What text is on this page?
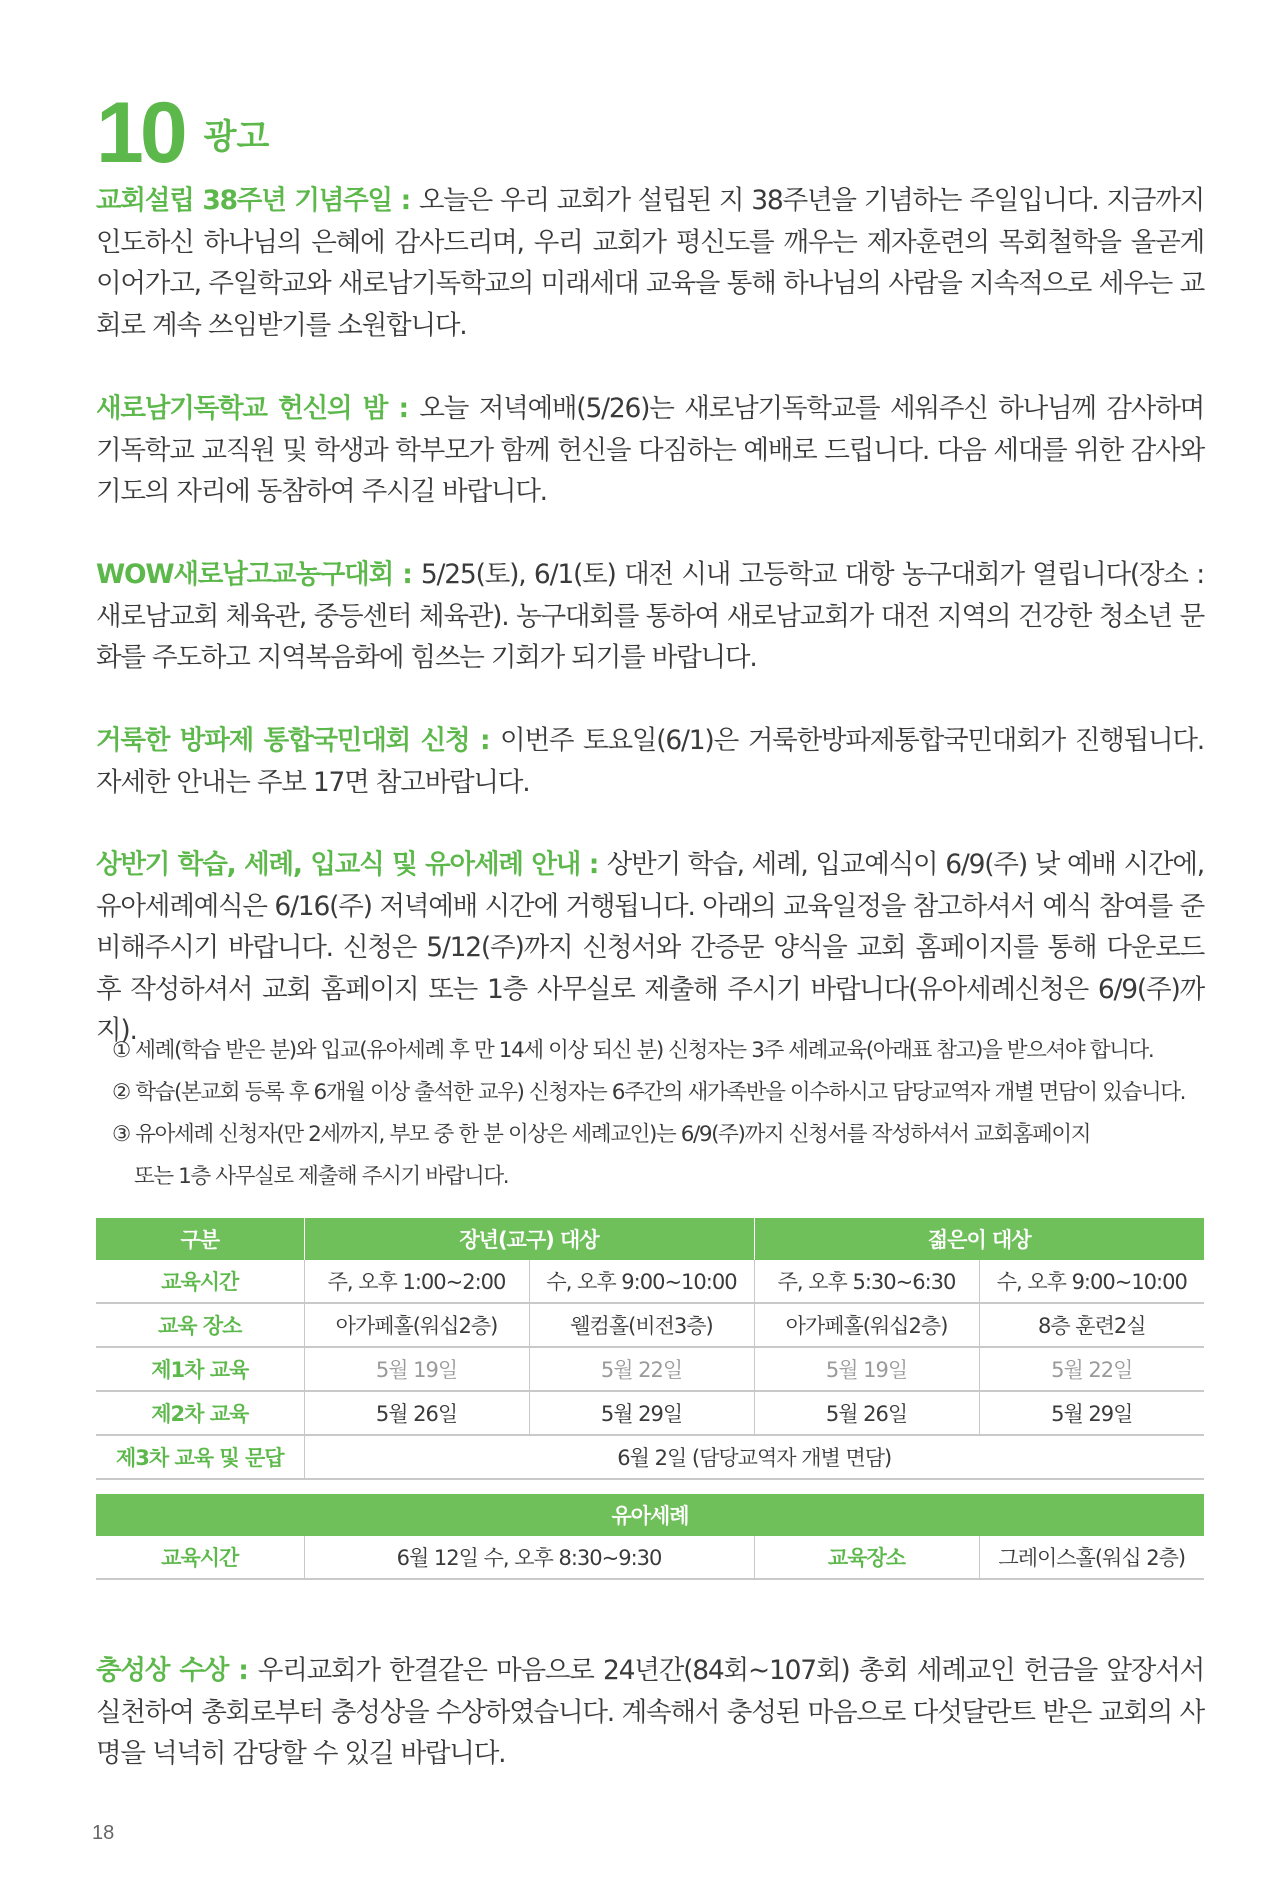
10 광고

교회설립 38주년 기념주일 : 오늘은 우리 교회가 설립된 지 38주년을 기념하는 주일입니다. 지금까지 인도하신 하나님의 은혜에 감사드리며, 우리 교회가 평신도를 깨우는 제자훈련의 목회철학을 올곧게 이어가고, 주일학교와 새로남기독학교의 미래세대 교육을 통해 하나님의 사람을 지속적으로 세우는 교회로 계속 쓰임받기를 소원합니다.

새로남기독학교 헌신의 밤 : 오늘 저녁예배(5/26)는 새로남기독학교를 세워주신 하나님께 감사하며 기독학교 교직원 및 학생과 학부모가 함께 헌신을 다짐하는 예배로 드립니다. 다음 세대를 위한 감사와 기도의 자리에 동참하여 주시길 바랍니다.

WOW새로남고교농구대회 : 5/25(토), 6/1(토) 대전 시내 고등학교 대항 농구대회가 열립니다(장소 : 새로남교회 체육관, 중등센터 체육관). 농구대회를 통하여 새로남교회가 대전 지역의 건강한 청소년 문화를 주도하고 지역복음화에 힘쓰는 기회가 되기를 바랍니다.

거룩한 방파제 통합국민대회 신청 : 이번주 토요일(6/1)은 거룩한방파제통합국민대회가 진행됩니다. 자세한 안내는 주보 17면 참고바랍니다.

상반기 학습, 세례, 입교식 및 유아세례 안내 : 상반기 학습, 세례, 입교예식이 6/9(주) 낮 예배 시간에, 유아세례예식은 6/16(주) 저녁예배 시간에 거행됩니다. 아래의 교육일정을 참고하셔서 예식 참여를 준비해주시기 바랍니다. 신청은 5/12(주)까지 신청서와 간증문 양식을 교회 홈페이지를 통해 다운로드 후 작성하셔서 교회 홈페이지 또는 1층 사무실로 제출해 주시기 바랍니다(유아세례신청은 6/9(주)까지).

① 세례(학습 받은 분)와 입교(유아세례 후 만 14세 이상 되신 분) 신청자는 3주 세례교육(아래표 참고)을 받으셔야 합니다.

② 학습(본교회 등록 후 6개월 이상 출석한 교우) 신청자는 6주간의 새가족반을 이수하시고 담당교역자 개별 면담이 있습니다.

③ 유아세례 신청자(만 2세까지, 부모 중 한 분 이상은 세례교인)는 6/9(주)까지 신청서를 작성하셔서 교회홈페이지

또는 1층 사무실로 제출해 주시기 바랍니다.

구분	장년(교구) 대상		젊은이 대상	
교육시간	주, 오후 1:00~2:00	수, 오후 9:00~10:00	주, 오후 5:30~6:30	수, 오후 9:00~10:00
교육 장소	아가페홀(워십2층)	웰컴홀(비전3층)	아가페홀(워십2층)	8층 훈련2실
제1차 교육	5월 19일	5월 22일	5월 19일	5월 22일
제2차 교육	5월 26일	5월 29일	5월 26일	5월 29일
제3차 교육 및 문답	6월 2일 (담당교역자 개별 면담)			
유아세례
교육시간	6월 12일 수, 오후 8:30~9:30	교육장소	그레이스홀(워십 2층)

충성상 수상 : 우리교회가 한결같은 마음으로 24년간(84회~107회) 총회 세례교인 헌금을 앞장서서 실천하여 총회로부터 충성상을 수상하였습니다. 계속해서 충성된 마음으로 다섯달란트 받은 교회의 사명을 넉넉히 감당할 수 있길 바랍니다.

18
